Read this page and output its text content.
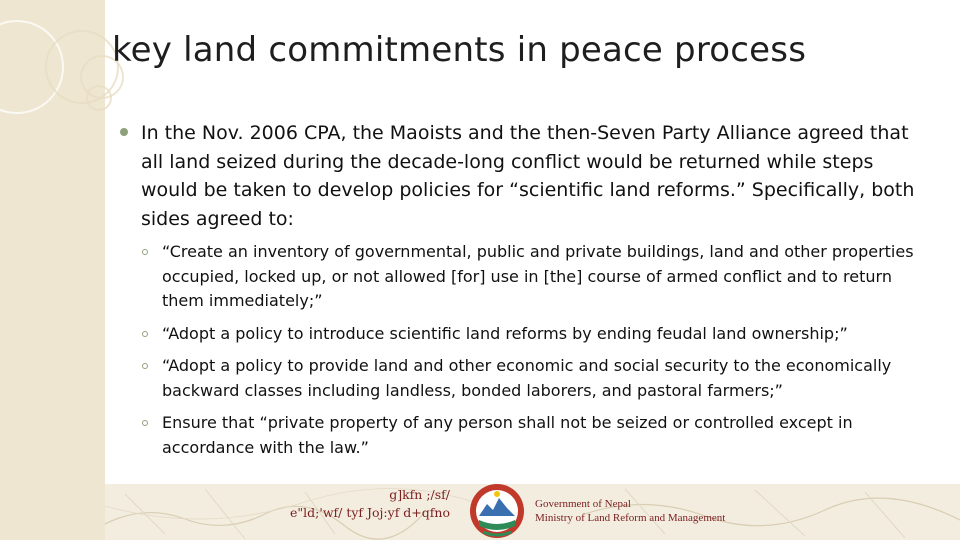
key land commitments in peace process
In the Nov. 2006 CPA, the Maoists and the then-Seven Party Alliance agreed that all land seized during the decade-long conflict would be returned while steps would be taken to develop policies for “scientific land reforms.” Specifically, both sides agreed to:
“Create an inventory of governmental, public and private buildings, land and other properties occupied, locked up, or not allowed [for] use in [the] course of armed conflict and to return them immediately;”
“Adopt a policy to introduce scientific land reforms by ending feudal land ownership;”
“Adopt a policy to provide land and other economic and social security to the economically backward classes including landless, bonded laborers, and pastoral farmers;”
Ensure that “private property of any person shall not be seized or controlled except in accordance with the law.”
g]kfn ;/sf/
e"ld;'wf/ tyf Joj:yf d+qfno
Government of Nepal
Ministry of Land Reform and Management
